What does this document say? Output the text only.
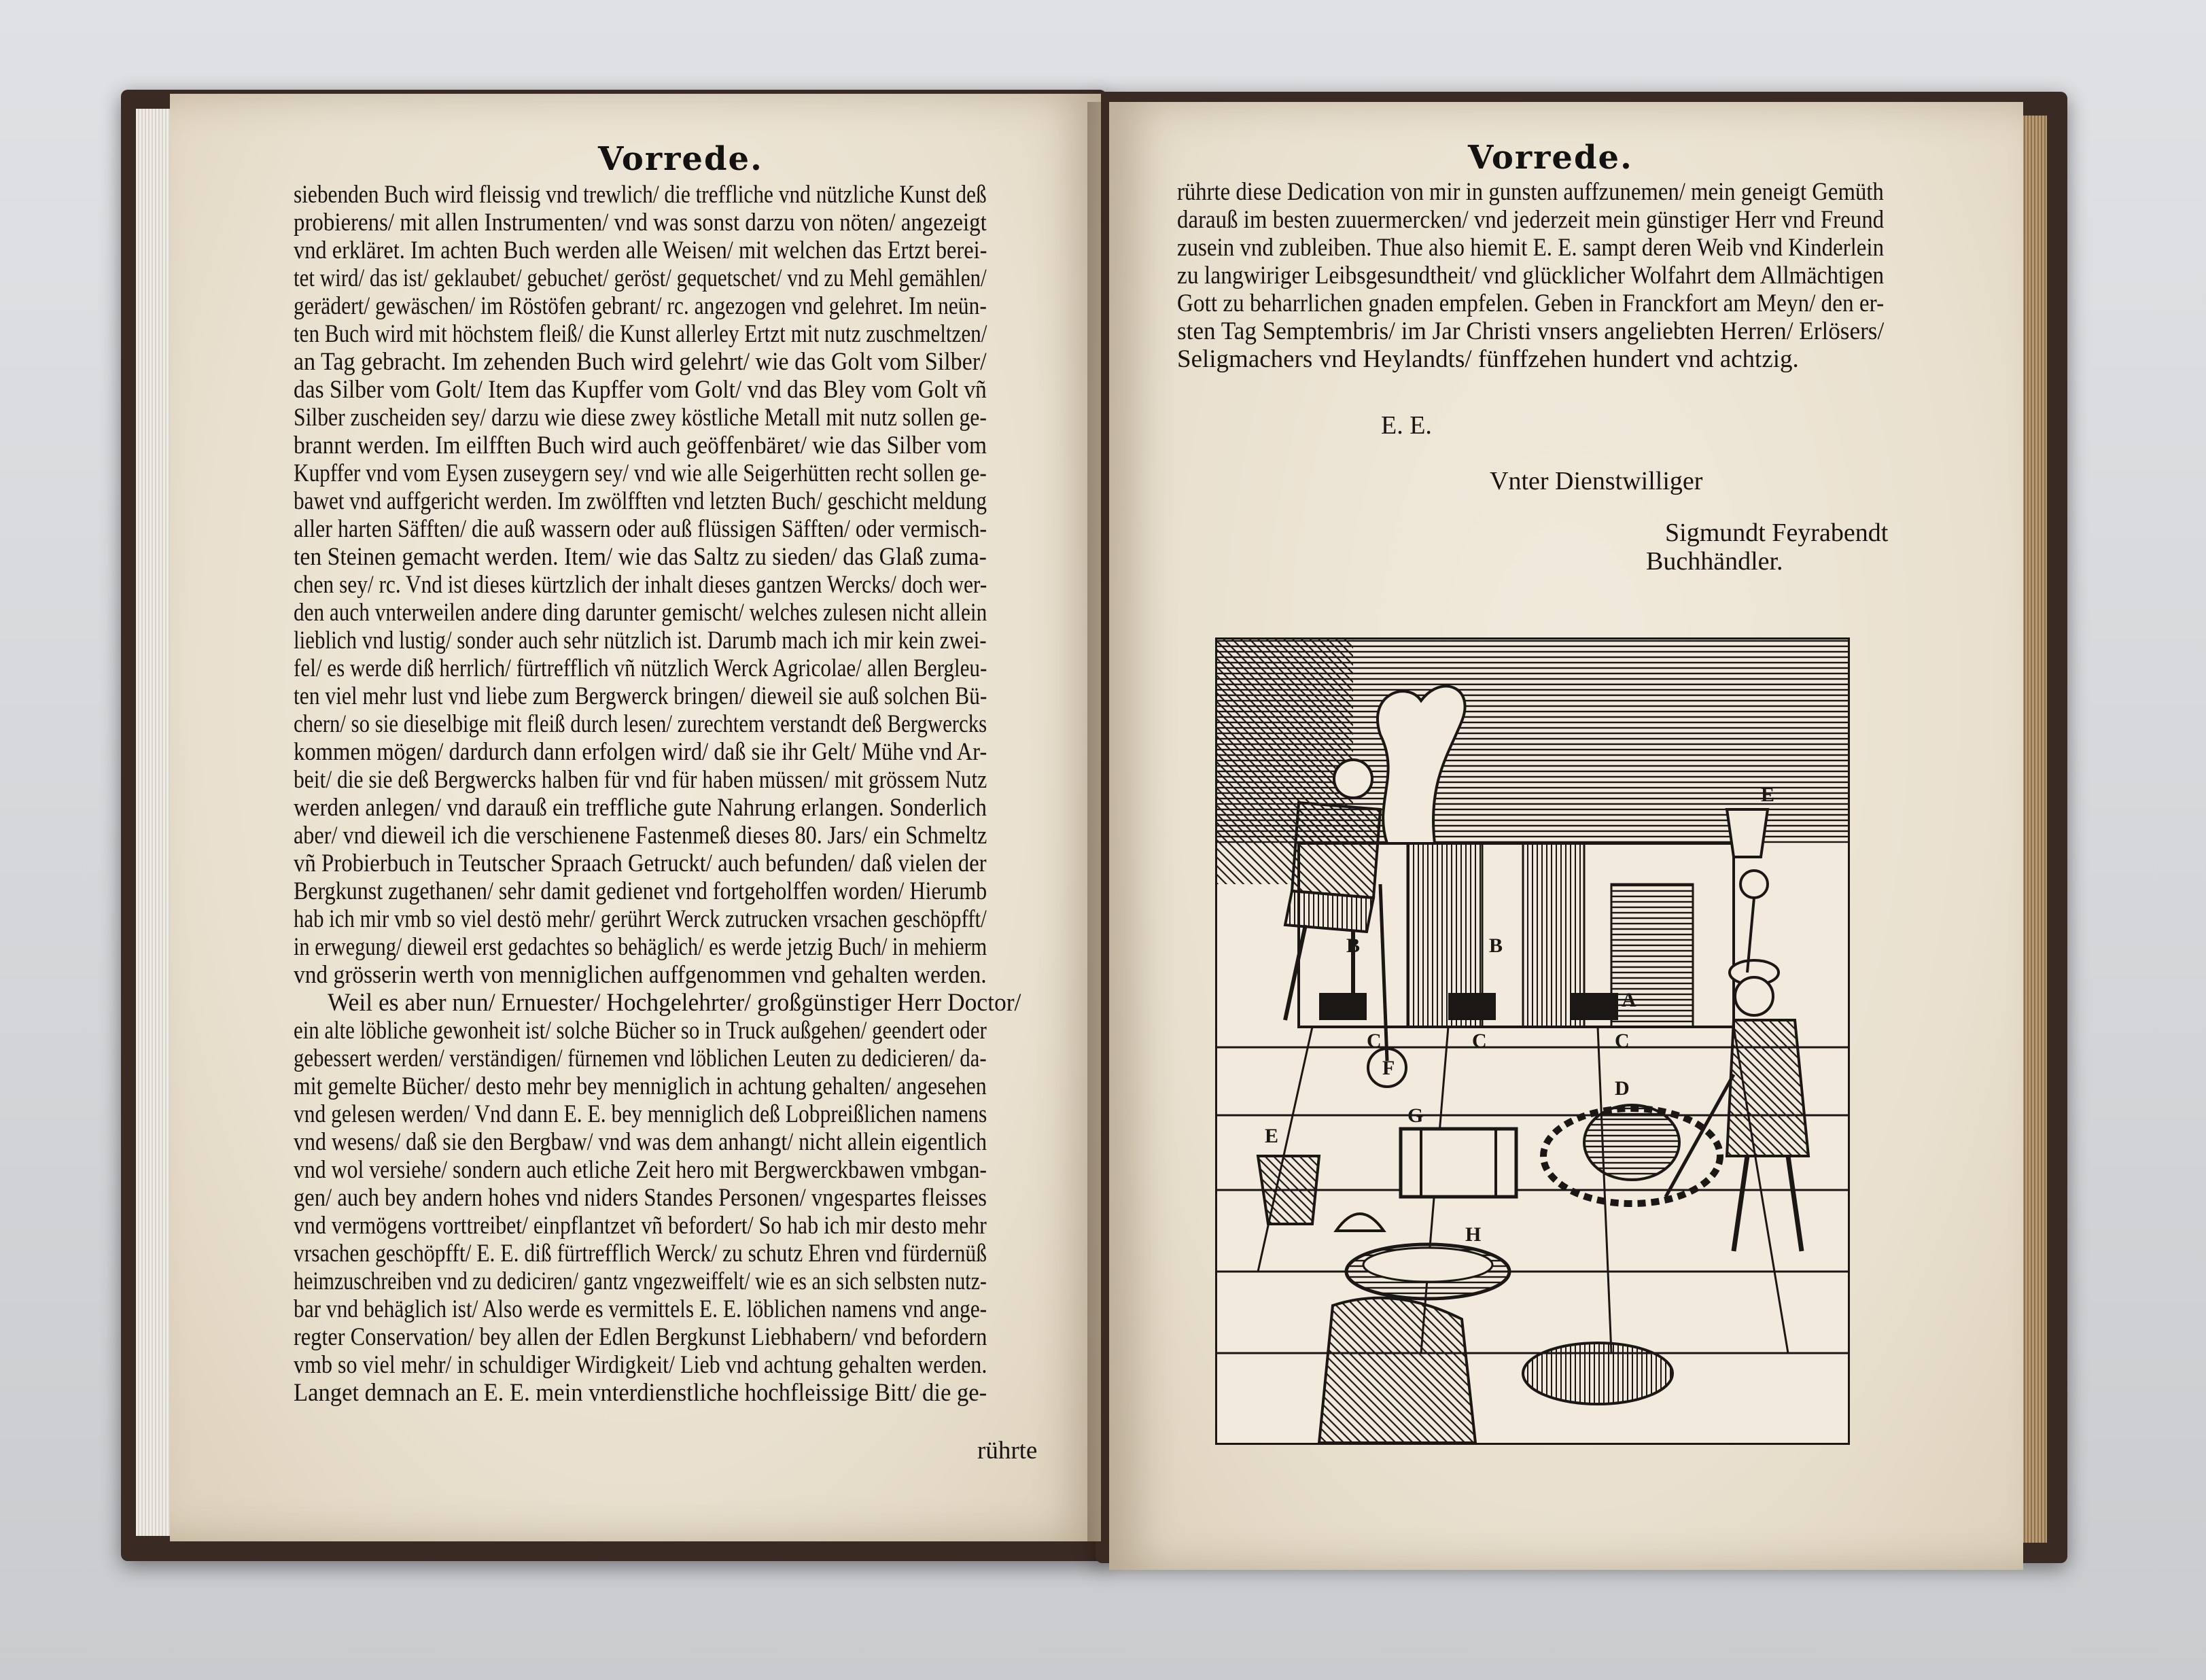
Vorrede.
siebenden Buch wird fleissig vnd trewlich/ die treffliche vnd nützliche Kunst deß
probierens/ mit allen Instrumenten/ vnd was sonst darzu von nöten/ angezeigt
vnd erkläret. Im achten Buch werden alle Weisen/ mit welchen das Ertzt berei-
tet wird/ das ist/ geklaubet/ gebuchet/ geröst/ gequetschet/ vnd zu Mehl gemählen/
gerädert/ gewäschen/ im Röstöfen gebrant/ rc. angezogen vnd gelehret. Im neün-
ten Buch wird mit höchstem fleiß/ die Kunst allerley Ertzt mit nutz zuschmeltzen/
an Tag gebracht. Im zehenden Buch wird gelehrt/ wie das Golt vom Silber/
das Silber vom Golt/ Item das Kupffer vom Golt/ vnd das Bley vom Golt vñ
Silber zuscheiden sey/ darzu wie diese zwey köstliche Metall mit nutz sollen ge-
brannt werden. Im eilfften Buch wird auch geöffenbäret/ wie das Silber vom
Kupffer vnd vom Eysen zuseygern sey/ vnd wie alle Seigerhütten recht sollen ge-
bawet vnd auffgericht werden. Im zwölfften vnd letzten Buch/ geschicht meldung
aller harten Säfften/ die auß wassern oder auß flüssigen Säfften/ oder vermisch-
ten Steinen gemacht werden. Item/ wie das Saltz zu sieden/ das Glaß zuma-
chen sey/ rc. Vnd ist dieses kürtzlich der inhalt dieses gantzen Wercks/ doch wer-
den auch vnterweilen andere ding darunter gemischt/ welches zulesen nicht allein
lieblich vnd lustig/ sonder auch sehr nützlich ist. Darumb mach ich mir kein zwei-
fel/ es werde diß herrlich/ fürtrefflich vñ nützlich Werck Agricolae/ allen Bergleu-
ten viel mehr lust vnd liebe zum Bergwerck bringen/ dieweil sie auß solchen Bü-
chern/ so sie dieselbige mit fleiß durch lesen/ zurechtem verstandt deß Bergwercks
kommen mögen/ dardurch dann erfolgen wird/ daß sie ihr Gelt/ Mühe vnd Ar-
beit/ die sie deß Bergwercks halben für vnd für haben müssen/ mit grössem Nutz
werden anlegen/ vnd darauß ein treffliche gute Nahrung erlangen. Sonderlich
aber/ vnd dieweil ich die verschienene Fastenmeß dieses 80. Jars/ ein Schmeltz
vñ Probierbuch in Teutscher Spraach Getruckt/ auch befunden/ daß vielen der
Bergkunst zugethanen/ sehr damit gedienet vnd fortgeholffen worden/ Hierumb
hab ich mir vmb so viel destö mehr/ gerührt Werck zutrucken vrsachen geschöpfft/
in erwegung/ dieweil erst gedachtes so behäglich/ es werde jetzig Buch/ in mehierm
vnd grösserin werth von menniglichen auffgenommen vnd gehalten werden.
Weil es aber nun/ Ernuester/ Hochgelehrter/ großgünstiger Herr Doctor/
ein alte löbliche gewonheit ist/ solche Bücher so in Truck außgehen/ geendert oder
gebessert werden/ verständigen/ fürnemen vnd löblichen Leuten zu dedicieren/ da-
mit gemelte Bücher/ desto mehr bey menniglich in achtung gehalten/ angesehen
vnd gelesen werden/ Vnd dann E. E. bey menniglich deß Lobpreißlichen namens
vnd wesens/ daß sie den Bergbaw/ vnd was dem anhangt/ nicht allein eigentlich
vnd wol versiehe/ sondern auch etliche Zeit hero mit Bergwerckbawen vmbgan-
gen/ auch bey andern hohes vnd niders Standes Personen/ vngespartes fleisses
vnd vermögens vorttreibet/ einpflantzet vñ befordert/ So hab ich mir desto mehr
vrsachen geschöpfft/ E. E. diß fürtrefflich Werck/ zu schutz Ehren vnd fürdernüß
heimzuschreiben vnd zu dediciren/ gantz vngezweiffelt/ wie es an sich selbsten nutz-
bar vnd behäglich ist/ Also werde es vermittels E. E. löblichen namens vnd ange-
regter Conservation/ bey allen der Edlen Bergkunst Liebhabern/ vnd befordern
vmb so viel mehr/ in schuldiger Wirdigkeit/ Lieb vnd achtung gehalten werden.
Langet demnach an E. E. mein vnterdienstliche hochfleissige Bitt/ die ge-
rührte
Vorrede.
rührte diese Dedication von mir in gunsten auffzunemen/ mein geneigt Gemüth
darauß im besten zuuermercken/ vnd jederzeit mein günstiger Herr vnd Freund
zusein vnd zubleiben. Thue also hiemit E. E. sampt deren Weib vnd Kinderlein
zu langwiriger Leibsgesundtheit/ vnd glücklicher Wolfahrt dem Allmächtigen
Gott zu beharrlichen gnaden empfelen. Geben in Franckfort am Meyn/ den er-
sten Tag Semptembris/ im Jar Christi vnsers angeliebten Herren/ Erlösers/
Seligmachers vnd Heylandts/ fünffzehen hundert vnd achtzig.
E. E.
Vnter Dienstwilliger
Sigmundt Feyrabendt
Buchhändler.
B	B
C	C	C
A
F
D
G
E
E
H
